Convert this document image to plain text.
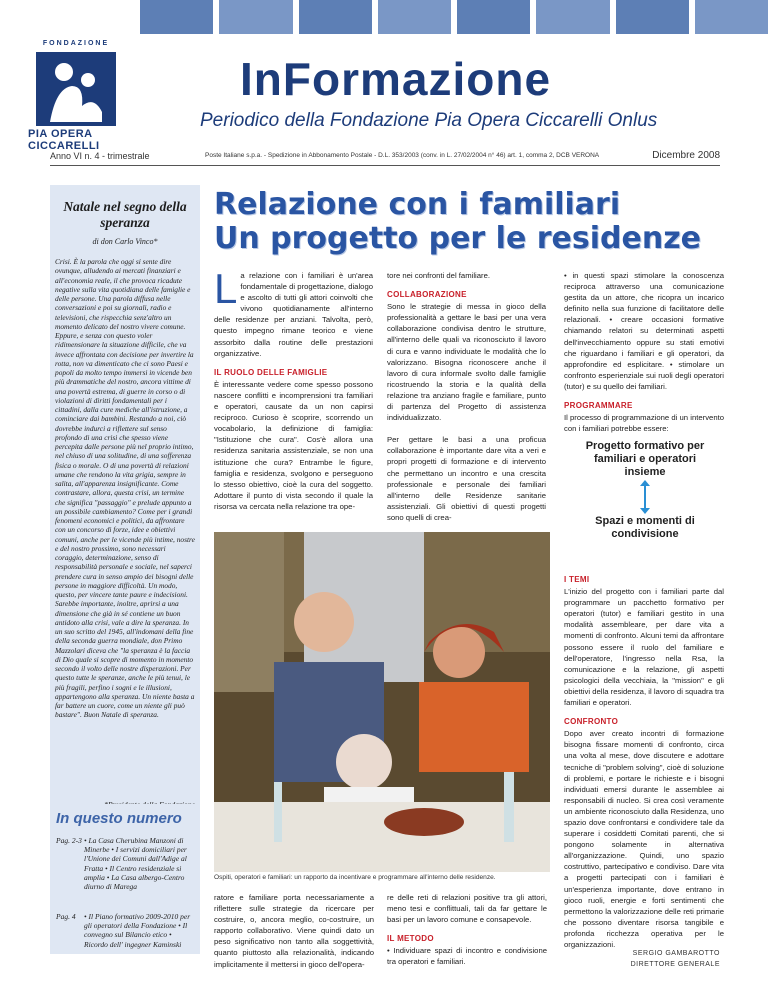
FONDAZIONE
PIA OPERA
CICCARELLI
InFormazione
Periodico della Fondazione Pia Opera Ciccarelli Onlus
Anno VI n. 4 - trimestrale	Poste Italiane s.p.a. - Spedizione in Abbonamento Postale - D.L. 353/2003 (conv. in L. 27/02/2004 n° 46) art. 1, comma 2, DCB VERONA	Dicembre 2008
Natale nel segno della speranza
di don Carlo Vinco*
Crisi. È la parola che oggi si sente dire ovunque, alludendo ai mercati finanziari e all'economia reale, il che provoca ricadute negative sulla vita quotidiana delle famiglie e delle persone. Una parola diffusa nelle conversazioni e poi su giornali, radio e televisioni, che rispecchia senz'altro un momento delicato del nostro vivere comune. Eppure, e senza con questo voler ridimensionare la situazione difficile, che va invece affrontata con decisione per invertire la rotta, non va dimenticato che ci sono Paesi e popoli da molto tempo immersi in vicende ben più drammatiche del nostro, ancora vittime di una povertà estrema, di guerre in corso o di violazioni di diritti fondamentali per i cittadini, dalla cure mediche all'istruzione, a cominciare dai bambini. Restando a noi, ciò dovrebbe indurci a riflettere sul senso profondo di una crisi che spesso viene percepita dalle persone più nel proprio intimo, nel chiuso di una solitudine, di una sofferenza fisica o morale. O di una povertà di relazioni umane che rendono la vita grigia, sempre in salita, all'apparenza insignificante. Come contrastare, allora, questa crisi, un termine che significa "passaggio" e prelude appunto a un possibile cambiamento? Come per i grandi fenomeni economici e politici, da affrontare con un concorso di forze, idee e obiettivi comuni, anche per le vicende più intime, nostre e del nostro prossimo, sono necessari coraggio, determinazione, senso di responsabilità personale e sociale, nel saperci prendere cura in senso ampio dei bisogni delle persone in maggiore difficoltà. Un modo, questo, per vincere tante paure e indecisioni. Sarebbe importante, inoltre, aprirsi a una dimensione che già in sé contiene un buon antidoto alla crisi, vale a dire la speranza. In un suo scritto del 1945, all'indomani della fine della seconda guerra mondiale, don Primo Mazzolari diceva che "la speranza è la faccia di Dio quale si scopre di momento in momento secondo il volto delle nostre disperazioni. Per questo tutte le speranze, anche le più tenui, le più fragili, perfino i sogni e le illusioni, appartengono alla speranza. Un niente basta a far battere un cuore, come un niente gli può bastare". Buon Natale di speranza.
In questo numero
Pag. 2-3 • La Casa Cherubina Manzoni di Minerbe • I servizi domiciliari per l'Unione dei Comuni dall'Adige al Fratta • Il Centro residenziale si amplia • La Casa albergo-Centro diurno di Marega
Pag. 4	• Il Piano formativo 2009-2010 per gli operatori della Fondazione • Il convegno sul Bilancio etico • Ricordo dell' ingegner Kaminski
Relazione con i familiari
Un progetto per le residenze
L a relazione con i familiari è un'area fondamentale di progettazione, dialogo e ascolto di tutti gli attori coinvolti che vivono quotidianamente all'interno delle residenze per anziani. Talvolta, però, questo impegno rimane teorico e viene assorbito dalla routine delle prestazioni organizzative.

IL RUOLO DELLE FAMIGLIE

È interessante vedere come spesso possono nascere conflitti e incomprensioni tra familiari e operatori, causate da un non capirsi reciproco. Curioso è scoprire, scorrendo un vocabolario, la definizione di famiglia: "Istituzione che cura". Cos'è allora una residenza sanitaria assistenziale, se non una istituzione che cura? Entrambe le figure, famiglia e residenza, svolgono e perseguono lo stesso obiettivo, cioè la cura del soggetto. Adottare il punto di vista secondo il quale la risorsa va cercata nella relazione tra ope-

tore nei confronti del familiare.

COLLABORAZIONE

Sono le strategie di messa in gioco della professionalità a gettare le basi per una vera collaborazione condivisa dentro le strutture, all'interno delle quali va riconosciuto il lavoro di cura e vanno individuate le modalità che lo valorizzano. Bisogna riconoscere anche il lavoro di cura informale svolto dalle famiglie ricostruendo la storia e la qualità della relazione tra anziano fragile e familiare, punto di partenza del Progetto di assistenza individualizzato.

Per gettare le basi a una proficua collaborazione è importante dare vita a veri e propri progetti di formazione e di intervento che permettano un incontro e una crescita professionale e personale dei familiari all'interno delle Residenze sanitarie assistenziali. Gli obiettivi di questi progetti sono quelli di crea-

• in questi spazi stimolare la conoscenza reciproca attraverso una comunicazione gestita da un attore, che ricopra un incarico definito nella sua funzione di facilitatore delle relazionali. • creare occasioni formative chiamando relatori su determinati aspetti dell'invecchiamento oppure su stati emotivi che riguardano i familiari e gli operatori, da approfondire ed esplicitare. • stimolare un confronto esperienziale sui ruoli degli operatori (tutor) e su quello dei familiari.

PROGRAMMARE

Il processo di programmazione di un intervento con i familiari potrebbe essere:

Progetto formativo per familiari e operatori insieme
Spazi e momenti di condivisione
I TEMI

L'inizio del progetto con i familiari parte dal programmare un pacchetto formativo per operatori (tutor) e familiari gestito in una modalità assembleare, per dare vita a momenti di confronto. Alcuni temi da affrontare possono essere il ruolo del familiare e dell'operatore, l'ingresso nella Rsa, la comunicazione e la relazione, gli aspetti psicologici della vecchiaia, la "mission" e gli obiettivi della residenza, il lavoro di squadra tra familiari e operatori.

CONFRONTO

Dopo aver creato incontri di formazione bisogna fissare momenti di confronto, circa una volta al mese, dove discutere e adottare tecniche di "problem solving", cioè di soluzione di problemi, e portare le richieste e i bisogni individuati emersi durante le assemblee ai responsabili di nucleo. Si crea così veramente un ambiente riconosciuto dalla Residenza, uno spazio dove confrontarsi e condividere tale da superare i cosiddetti Comitati parenti, che si pongono solamente in alternativa all'organizzazione. Quindi, uno spazio costruttivo, partecipativo e condiviso. Dare vita a progetti partecipati con i familiari è un'esperienza importante, dove entrano in gioco ruoli, energie e forti sentimenti che permettono la valorizzazione delle reti primarie che possono diventare risorsa tangibile e profonda ricchezza operativa per le organizzazioni.

Ospiti, operatori e familiari: un rapporto da incentivare e programmare all'interno delle residenze.

ratore e familiare porta necessariamente a riflettere sulle strategie da ricercare per costruire, o, ancora meglio, co-costruire, un rapporto collaborativo. Viene quindi dato un peso significativo non tanto alla soggettività, quanto piuttosto alla relazionalità, indicando implicitamente il mettersi in gioco dell'opera-

re delle reti di relazioni positive tra gli attori, meno tesi e conflittuali, tali da far gettare le basi per un lavoro comune e consapevole.

IL METODO

• Individuare spazi di incontro e condivisione tra operatori e familiari.

SERGIO GAMBAROTTO
DIRETTORE GENERALE
